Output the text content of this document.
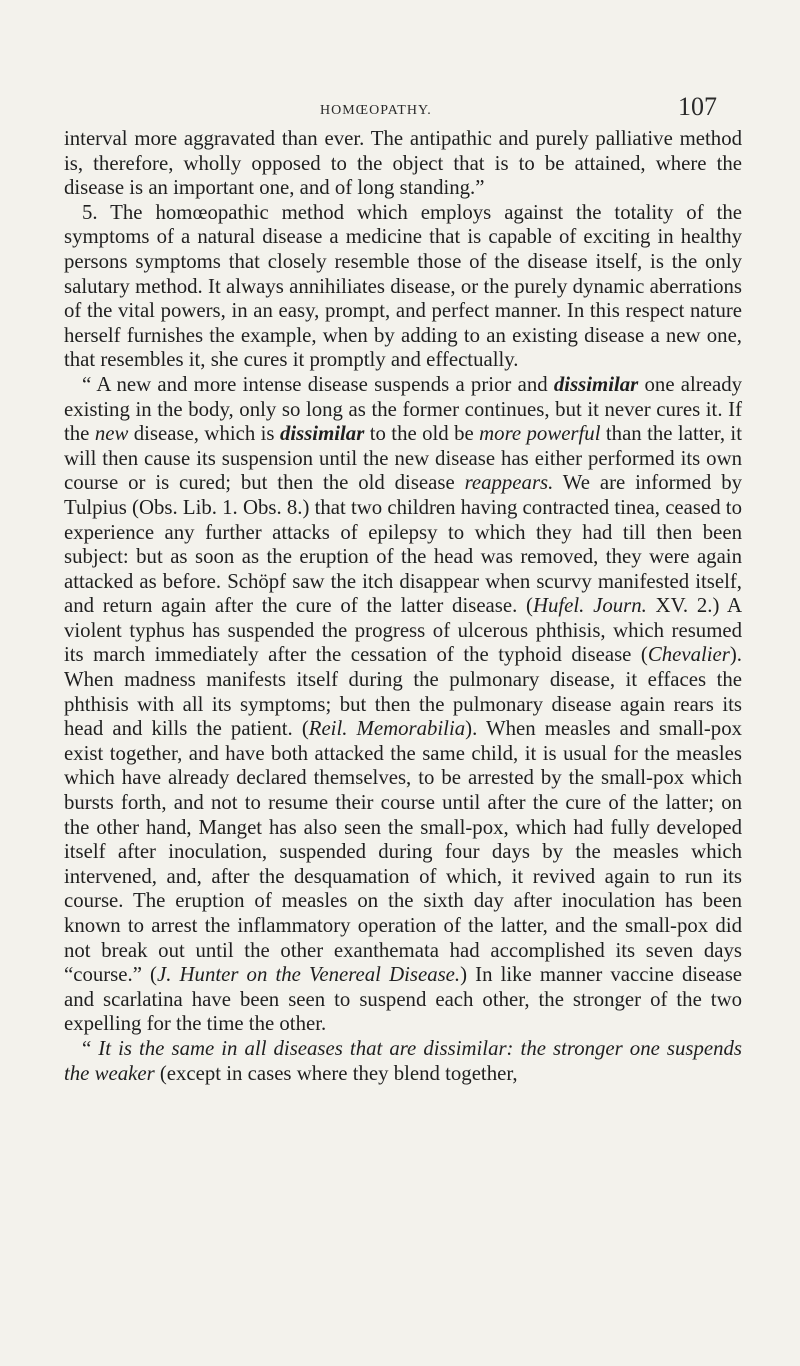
HOMŒOPATHY.	107

interval more aggravated than ever. The antipathic and purely palliative method is, therefore, wholly opposed to the object that is to be attained, where the disease is an important one, and of long standing.”

5. The homœopathic method which employs against the totality of the symptoms of a natural disease a medicine that is capable of exciting in healthy persons symptoms that closely resemble those of the disease itself, is the only salutary method. It always annihiliates disease, or the purely dynamic aberrations of the vital powers, in an easy, prompt, and perfect manner. In this respect nature herself furnishes the example, when by adding to an existing disease a new one, that resembles it, she cures it promptly and effectually.

“ A new and more intense disease suspends a prior and dissimilar one already existing in the body, only so long as the former continues, but it never cures it. If the new disease, which is dissimilar to the old be more powerful than the latter, it will then cause its suspension until the new disease has either performed its own course or is cured; but then the old disease reappears. We are informed by Tulpius (Obs. Lib. 1. Obs. 8.) that two children having contracted tinea, ceased to experience any further attacks of epilepsy to which they had till then been subject: but as soon as the eruption of the head was removed, they were again attacked as before. Schöpf saw the itch disappear when scurvy manifested itself, and return again after the cure of the latter disease. (Hufel. Journ. XV. 2.) A violent typhus has suspended the progress of ulcerous phthisis, which resumed its march immediately after the cessation of the typhoid disease (Chevalier). When madness manifests itself during the pulmonary disease, it effaces the phthisis with all its symptoms; but then the pulmonary disease again rears its head and kills the patient. (Reil. Memorabilia). When measles and small-pox exist together, and have both attacked the same child, it is usual for the measles which have already declared themselves, to be arrested by the small-pox which bursts forth, and not to resume their course until after the cure of the latter; on the other hand, Manget has also seen the small-pox, which had fully developed itself after inoculation, suspended during four days by the measles which intervened, and, after the desquamation of which, it revived again to run its course. The eruption of measles on the sixth day after inoculation has been known to arrest the inflammatory operation of the latter, and the small-pox did not break out until the other exanthemata had accomplished its seven days “course.” (J. Hunter on the Venereal Disease.) In like manner vaccine disease and scarlatina have been seen to suspend each other, the stronger of the two expelling for the time the other.

“ It is the same in all diseases that are dissimilar: the stronger one suspends the weaker (except in cases where they blend together,
